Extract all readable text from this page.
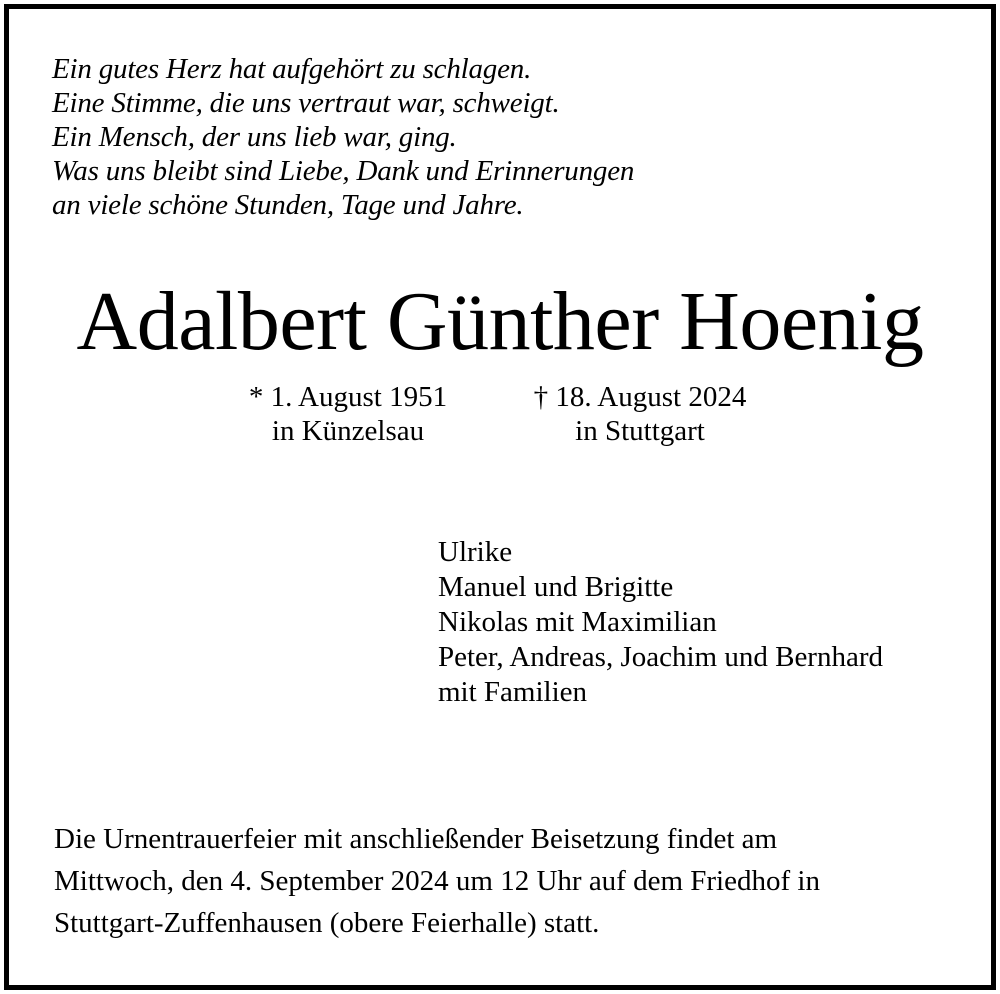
Ein gutes Herz hat aufgehört zu schlagen.
Eine Stimme, die uns vertraut war, schweigt.
Ein Mensch, der uns lieb war, ging.
Was uns bleibt sind Liebe, Dank und Erinnerungen
an viele schöne Stunden, Tage und Jahre.
Adalbert Günther Hoenig
* 1. August 1951
in Künzelsau
† 18. August 2024
in Stuttgart
Ulrike
Manuel und Brigitte
Nikolas mit Maximilian
Peter, Andreas, Joachim und Bernhard
mit Familien
Die Urnentrauerfeier mit anschließender Beisetzung findet am
Mittwoch, den 4. September 2024 um 12 Uhr auf dem Friedhof in
Stuttgart-Zuffenhausen (obere Feierhalle) statt.
